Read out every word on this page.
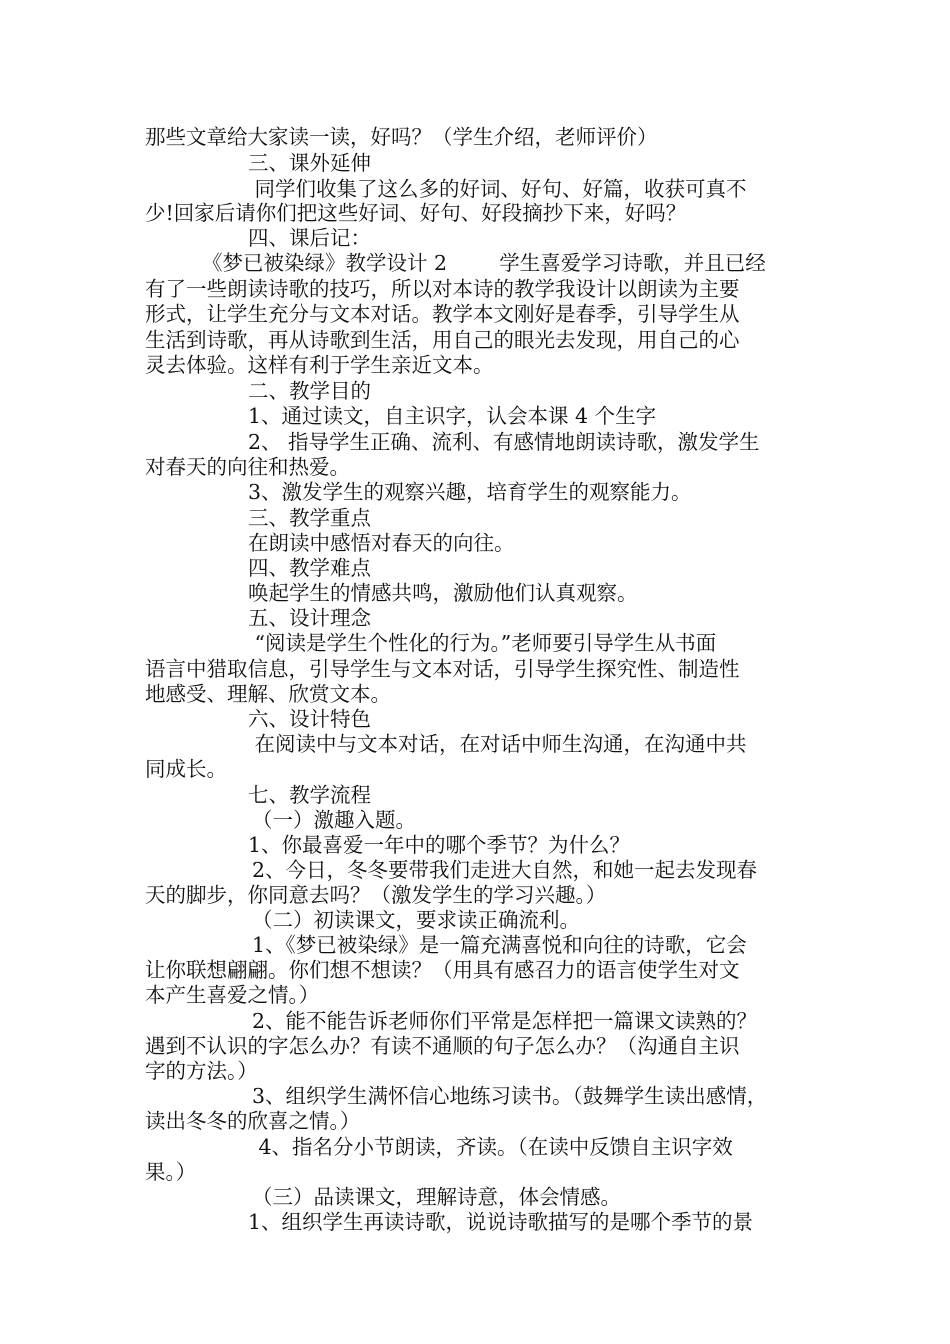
那些文章给大家读一读，好吗？（学生介绍，老师评价）
三、课外延伸
同学们收集了这么多的好词、好句、好篇，收获可真不
少!回家后请你们把这些好词、好句、好段摘抄下来，好吗？
四、课后记：
《梦已被染绿》教学设计 2        学生喜爱学习诗歌，并且已经
有了一些朗读诗歌的技巧，所以对本诗的教学我设计以朗读为主要
形式，让学生充分与文本对话。教学本文刚好是春季，引导学生从
生活到诗歌，再从诗歌到生活，用自己的眼光去发现，用自己的心
灵去体验。这样有利于学生亲近文本。
二、教学目的
1、通过读文，自主识字，认会本课 4 个生字
2、 指导学生正确、流利、有感情地朗读诗歌，激发学生
对春天的向往和热爱。
3、激发学生的观察兴趣，培育学生的观察能力。
三、教学重点
在朗读中感悟对春天的向往。
四、教学难点
唤起学生的情感共鸣，激励他们认真观察。
五、设计理念
“阅读是学生个性化的行为。”老师要引导学生从书面
语言中猎取信息，引导学生与文本对话，引导学生探究性、制造性
地感受、理解、欣赏文本。
六、设计特色
在阅读中与文本对话，在对话中师生沟通，在沟通中共
同成长。
七、教学流程
（一）激趣入题。
1、你最喜爱一年中的哪个季节？为什么？
2、今日，冬冬要带我们走进大自然，和她一起去发现春
天的脚步，你同意去吗？（激发学生的学习兴趣。）
（二）初读课文，要求读正确流利。
1、《梦已被染绿》是一篇充满喜悦和向往的诗歌，它会
让你联想翩翩。你们想不想读？（用具有感召力的语言使学生对文
本产生喜爱之情。）
2、能不能告诉老师你们平常是怎样把一篇课文读熟的？
遇到不认识的字怎么办？有读不通顺的句子怎么办？（沟通自主识
字的方法。）
3、组织学生满怀信心地练习读书。（鼓舞学生读出感情，
读出冬冬的欣喜之情。）
4、指名分小节朗读，齐读。（在读中反馈自主识字效
果。）
（三）品读课文，理解诗意，体会情感。
1、组织学生再读诗歌，说说诗歌描写的是哪个季节的景
